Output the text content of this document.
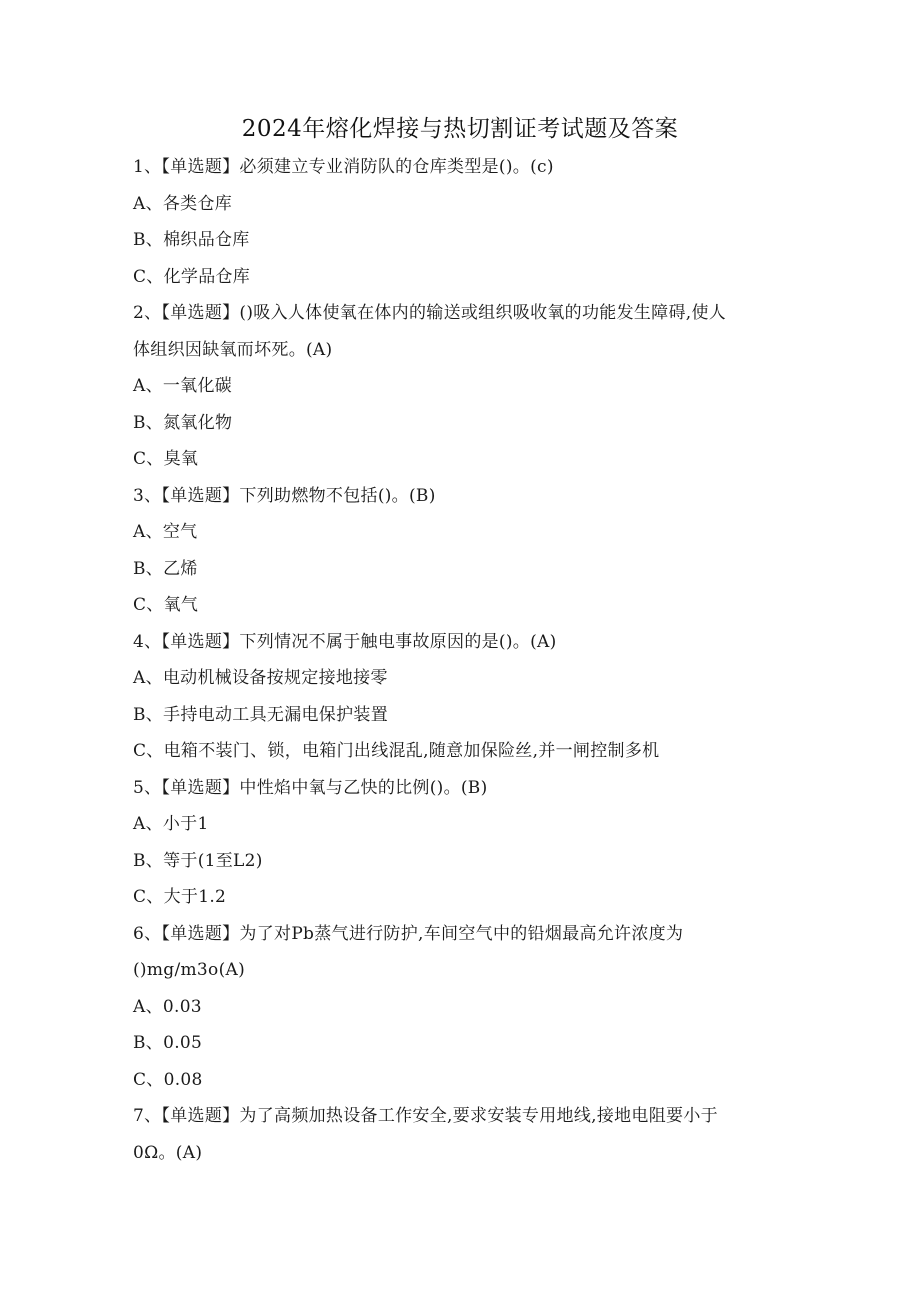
2024年熔化焊接与热切割证考试题及答案
1、【单选题】必须建立专业消防队的仓库类型是()。(c)
A、各类仓库
B、棉织品仓库
C、化学品仓库
2、【单选题】()吸入人体使氧在体内的输送或组织吸收氧的功能发生障碍,使人
体组织因缺氧而坏死。(A)
A、一氧化碳
B、氮氧化物
C、臭氧
3、【单选题】下列助燃物不包括()。(B)
A、空气
B、乙烯
C、氧气
4、【单选题】下列情况不属于触电事故原因的是()。(A)
A、电动机械设备按规定接地接零
B、手持电动工具无漏电保护装置
C、电箱不装门、锁，电箱门出线混乱,随意加保险丝,并一闸控制多机
5、【单选题】中性焰中氧与乙快的比例()。(B)
A、小于1
B、等于(1至L2)
C、大于1.2
6、【单选题】为了对Pb蒸气进行防护,车间空气中的铅烟最高允许浓度为
()mg/m3o(A)
A、0.03
B、0.05
C、0.08
7、【单选题】为了高频加热设备工作安全,要求安装专用地线,接地电阻要小于
0Ω。(A)
